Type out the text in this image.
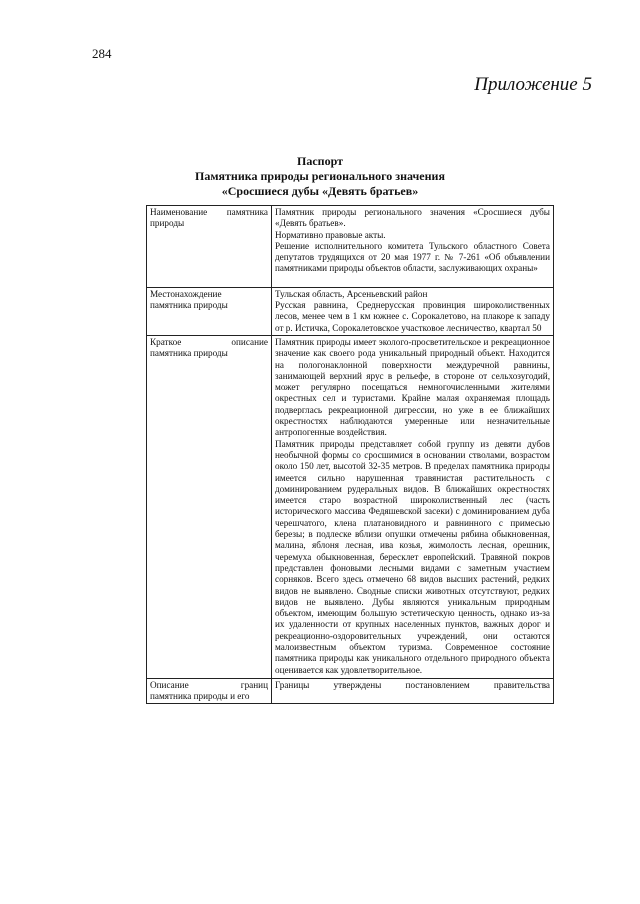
284
Приложение 5
Паспорт
Памятника природы регионального значения
«Сросшиеся дубы «Девять братьев»
Наименование памятника
природы	Памятник природы регионального значения «Сросшиеся дубы «Девять братьев».
Нормативно правовые акты.
Решение исполнительного комитета Тульского областного Совета депутатов трудящихся от 20 мая 1977 г. № 7-261 «Об объявлении памятниками природы объектов области, заслуживающих охраны»

Местонахождение
памятника природы	Тульская область, Арсеньевский район
Русская равнина, Среднерусская провинция широколиственных лесов, менее чем в 1 км южнее с. Сорокалетово, на плакоре к западу от р. Истичка, Сорокалетовское участковое лесничество, квартал 50

Краткое описание
памятника природы	Памятник природы имеет эколого-просветительское и рекреационное значение как своего рода уникальный природный объект. Находится на пологонаклонной поверхности междуречной равнины, занимающей верхний ярус в рельефе, в стороне от сельхозугодий, может регулярно посещаться немногочисленными жителями окрестных сел и туристами. Крайне малая охраняемая площадь подверглась рекреационной дигрессии, но уже в ее ближайших окрестностях наблюдаются умеренные или незначительные антропогенные воздействия.
Памятник природы представляет собой группу из девяти дубов необычной формы со сросшимися в основании стволами, возрастом около 150 лет, высотой 32-35 метров. В пределах памятника природы имеется сильно нарушенная травянистая растительность с доминированием рудеральных видов. В ближайших окрестностях имеется старо возрастной широколиственный лес (часть исторического массива Федяшевской засеки) с доминированием дуба черешчатого, клена платановидного и равнинного с примесью березы; в подлеске вблизи опушки отмечены рябина обыкновенная, малина, яблоня лесная, ива козья, жимолость лесная, орешник, черемуха обыкновенная, бересклет европейский. Травяной покров представлен фоновыми лесными видами с заметным участием сорняков. Всего здесь отмечено 68 видов высших растений, редких видов не выявлено. Сводные списки животных отсутствуют, редких видов не выявлено. Дубы являются уникальным природным объектом, имеющим большую эстетическую ценность, однако из-за их удаленности от крупных населенных пунктов, важных дорог и рекреационно-оздоровительных учреждений, они остаются малоизвестным объектом туризма. Современное состояние памятника природы как уникального отдельного природного объекта оценивается как удовлетворительное.

Описание границ
памятника природы и его	Границы утверждены постановлением правительства
